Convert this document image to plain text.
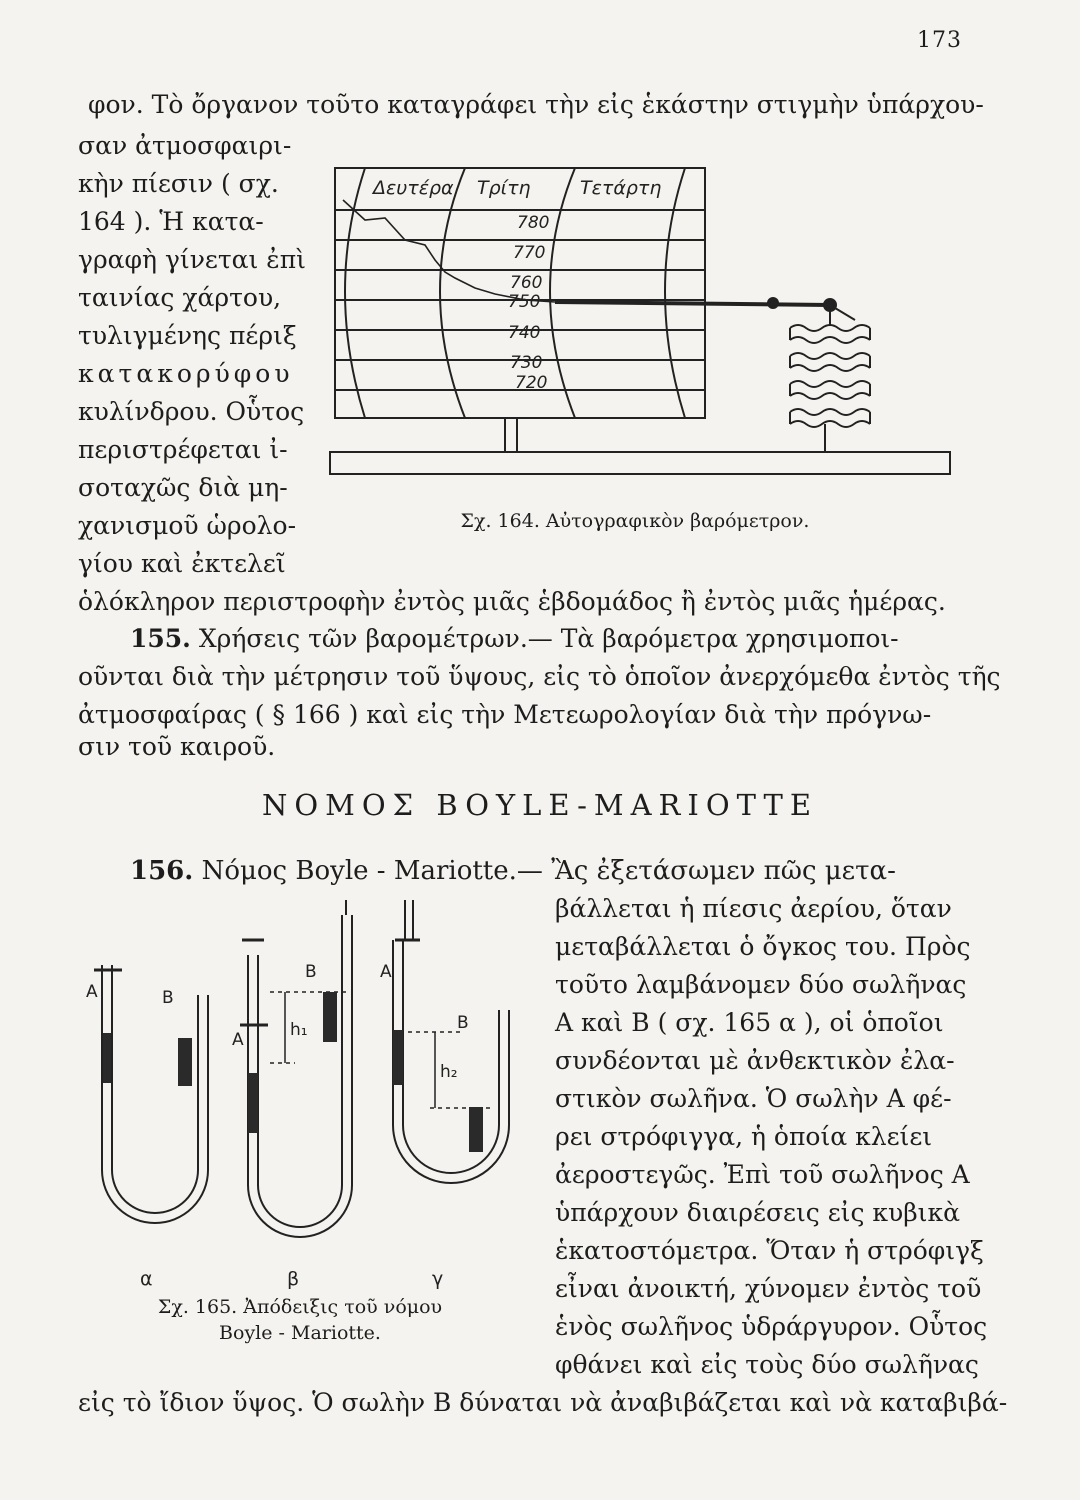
173

φον. Τὸ ὄργανον τοῦτο καταγράφει τὴν εἰς ἑκάστην στιγμὴν ὑπάρχου-

σαν ἀτμοσφαιρι-

κὴν πίεσιν ( σχ.

164 ). Ἡ κατα-

γραφὴ γίνεται ἐπὶ

ταινίας χάρτου,

τυλιγμένης πέριξ

κατακορύφου

κυλίνδρου. Οὗτος

περιστρέφεται ἰ-

σοταχῶς διὰ μη-

χανισμοῦ ὡρολο-

γίου καὶ ἐκτελεῖ

ὁλόκληρον περιστροφὴν ἐντὸς μιᾶς ἑβδομάδος ἢ ἐντὸς μιᾶς ἡμέρας.

Δευτέρα Τρίτη	Τετάρτη
780
770
760
750
740
730
720
Σχ. 164. Αὐτογραφικὸν βαρόμετρον.
155. Χρήσεις τῶν βαρομέτρων.— Τὰ βαρόμετρα χρησιμοποι-

οῦνται διὰ τὴν μέτρησιν τοῦ ὕψους, εἰς τὸ ὁποῖον ἀνερχόμεθα ἐντὸς τῆς

ἀτμοσφαίρας ( § 166 ) καὶ εἰς τὴν Μετεωρολογίαν διὰ τὴν πρόγνω-

σιν τοῦ καιροῦ.

ΝΟΜΟΣ BOYLE-MARIOTTE
156. Νόμος Boyle - Mariotte.— Ἂς ἐξετάσωμεν πῶς μετα-

βάλλεται ἡ πίεσις ἀερίου, ὅταν

μεταβάλλεται ὁ ὄγκος του. Πρὸς

τοῦτο λαμβάνομεν δύο σωλῆνας

Α καὶ Β ( σχ. 165 α ), οἱ ὁποῖοι

συνδέονται μὲ ἀνθεκτικὸν ἐλα-

στικὸν σωλῆνα. Ὁ σωλὴν Α φέ-

ρει στρόφιγγα, ἡ ὁποία κλείει

ἀεροστεγῶς. Ἐπὶ τοῦ σωλῆνος Α

ὑπάρχουν διαιρέσεις εἰς κυβικὰ

ἑκατοστόμετρα. Ὅταν ἡ στρόφιγξ

εἶναι ἀνοικτή, χύνομεν ἐντὸς τοῦ

ἑνὸς σωλῆνος ὑδράργυρον. Οὗτος

φθάνει καὶ εἰς τοὺς δύο σωλῆνας

εἰς τὸ ἴδιον ὕψος. Ὁ σωλὴν Β δύναται νὰ ἀναβιβάζεται καὶ νὰ καταβιβά-

A	B
A
B
B
A
B
h₁
h₂
α	β	γ
Σχ. 165. Ἀπόδειξις τοῦ νόμου
Boyle - Mariotte.
